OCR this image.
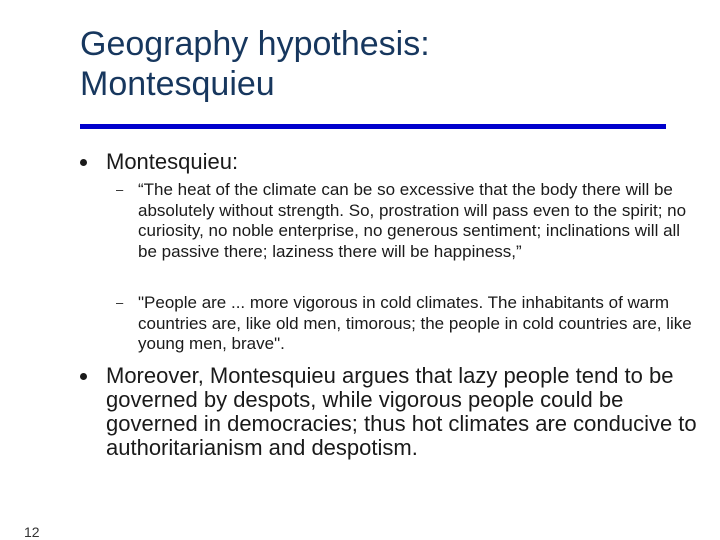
Geography hypothesis:
Montesquieu
Montesquieu:
– “The heat of the climate can be so excessive that the body there will be absolutely without strength. So, prostration will pass even to the spirit; no curiosity, no noble enterprise, no generous sentiment; inclinations will all be passive there; laziness there will be happiness,”
– "People are ... more vigorous in cold climates. The inhabitants of warm countries are, like old men, timorous; the people in cold countries are, like young men, brave".
Moreover, Montesquieu argues that lazy people tend to be governed by despots, while vigorous people could be governed in democracies; thus hot climates are conducive to authoritarianism and despotism.
12
